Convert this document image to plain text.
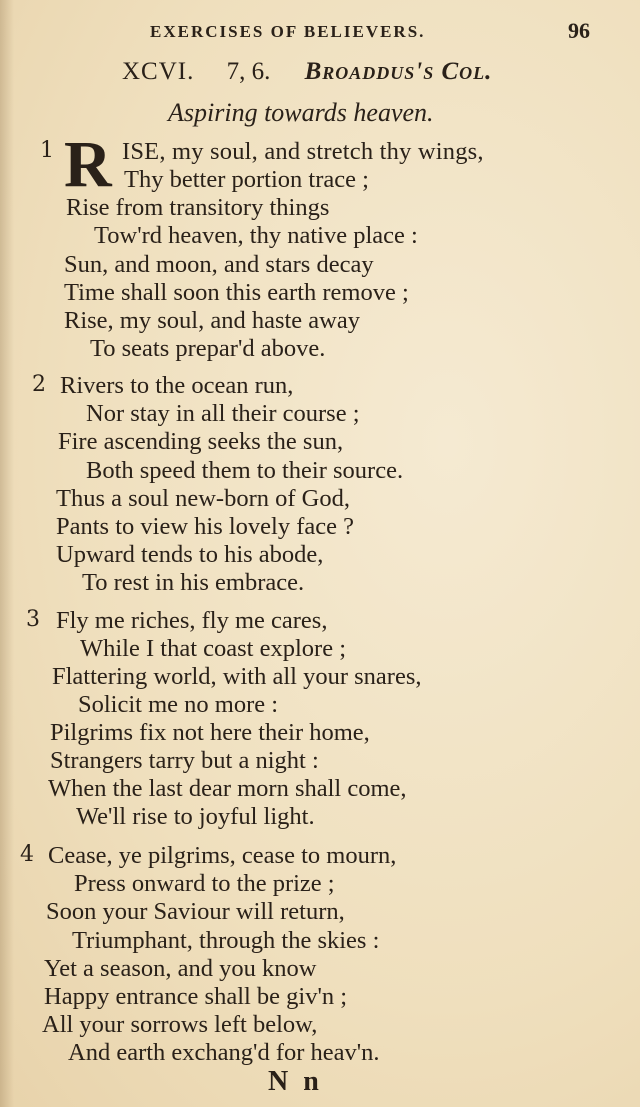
EXERCISES OF BELIEVERS.	96
XCVI. 7, 6. Broaddus's Col.
Aspiring towards heaven.
1 R ISE, my soul, and stretch thy wings,
Thy better portion trace ;
Rise from transitory things
Tow'rd heaven, thy native place :
Sun, and moon, and stars decay
Time shall soon this earth remove ;
Rise, my soul, and haste away
To seats prepar'd above.
2 Rivers to the ocean run,
Nor stay in all their course ;
Fire ascending seeks the sun,
Both speed them to their source.
Thus a soul new-born of God,
Pants to view his lovely face ?
Upward tends to his abode,
To rest in his embrace.
3 Fly me riches, fly me cares,
While I that coast explore ;
Flattering world, with all your snares,
Solicit me no more :
Pilgrims fix not here their home,
Strangers tarry but a night :
When the last dear morn shall come,
We'll rise to joyful light.
4 Cease, ye pilgrims, cease to mourn,
Press onward to the prize ;
Soon your Saviour will return,
Triumphant, through the skies :
Yet a season, and you know
Happy entrance shall be giv'n ;
All your sorrows left below,
And earth exchang'd for heav'n.
N n
